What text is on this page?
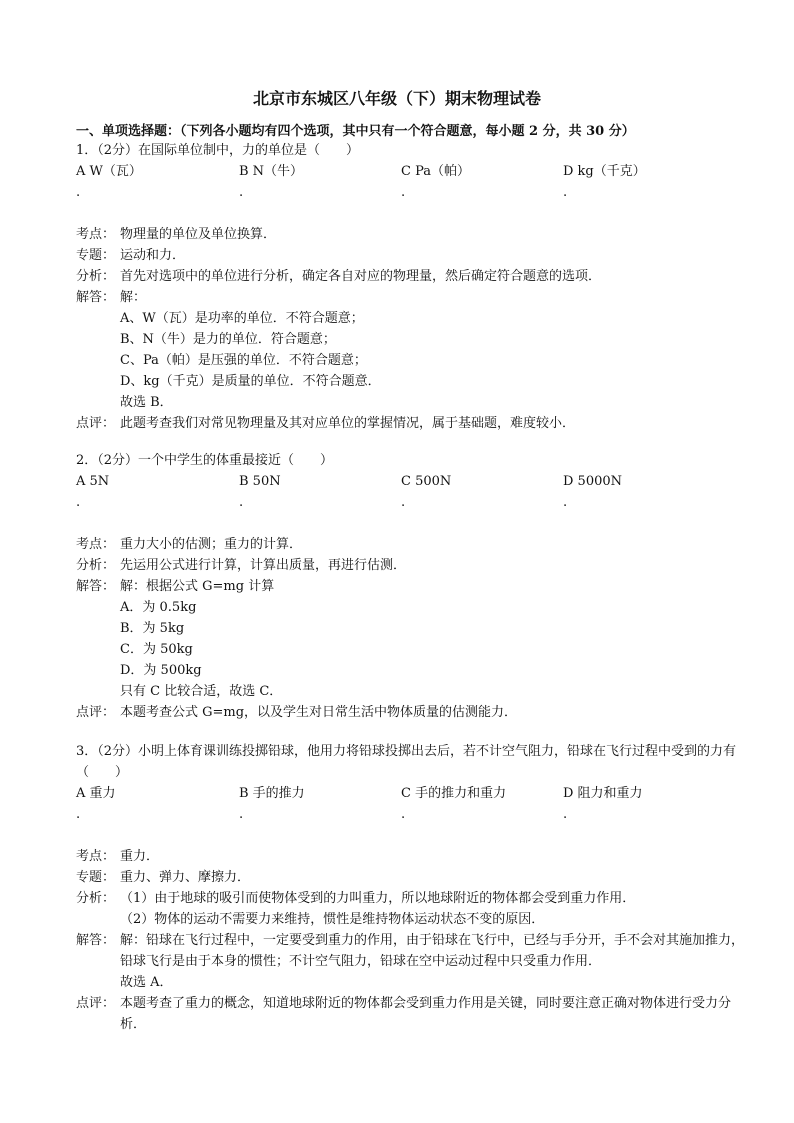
北京市东城区八年级（下）期末物理试卷
一、单项选择题：（下列各小题均有四个选项，其中只有一个符合题意，每小题 2 分，共 30 分）
1．（2分）在国际单位制中，力的单位是（　　）
A W（瓦）
.
B N（牛）
.
C Pa（帕）
.
D kg（千克）
.
考点： 物理量的单位及单位换算．
专题： 运动和力．
分析： 首先对选项中的单位进行分析，确定各自对应的物理量，然后确定符合题意的选项．
解答： 解：
A、W（瓦）是功率的单位．不符合题意；
B、N（牛）是力的单位．符合题意；
C、Pa（帕）是压强的单位．不符合题意；
D、kg（千克）是质量的单位．不符合题意．
故选 B．
点评： 此题考查我们对常见物理量及其对应单位的掌握情况，属于基础题，难度较小．
2．（2分）一个中学生的体重最接近（　　）
A 5N
.
B 50N
.
C 500N
.
D 5000N
.
考点： 重力大小的估测；重力的计算．
分析： 先运用公式进行计算，计算出质量，再进行估测．
解答： 解：根据公式 G=mg 计算
A．为 0.5kg
B．为 5kg
C．为 50kg
D．为 500kg
只有 C 比较合适，故选 C．
点评： 本题考查公式 G=mg，以及学生对日常生活中物体质量的估测能力．
3．（2分）小明上体育课训练投掷铅球，他用力将铅球投掷出去后，若不计空气阻力，铅球在飞行过程中受到的力有（　　）
A 重力
.
B 手的推力
.
C 手的推力和重力
.
D 阻力和重力
.
考点： 重力．
专题： 重力、弹力、摩擦力．
分析： （1）由于地球的吸引而使物体受到的力叫重力，所以地球附近的物体都会受到重力作用．
（2）物体的运动不需要力来维持，惯性是维持物体运动状态不变的原因．
解答： 解：铅球在飞行过程中，一定要受到重力的作用，由于铅球在飞行中，已经与手分开，手不会对其施加推力，铅球飞行是由于本身的惯性；不计空气阻力，铅球在空中运动过程中只受重力作用．
故选 A．
点评： 本题考查了重力的概念，知道地球附近的物体都会受到重力作用是关键，同时要注意正确对物体进行受力分析．
